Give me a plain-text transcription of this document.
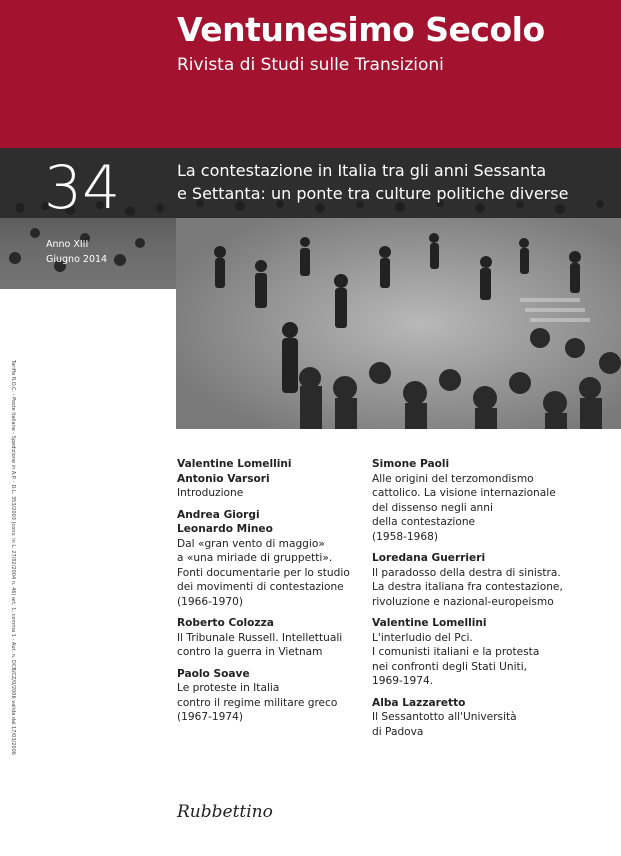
Ventunesimo Secolo
Rivista di Studi sulle Transizioni
34
Anno XIII
Giugno 2014
La contestazione in Italia tra gli anni Sessanta
e Settanta: un ponte tra culture politiche diverse
Valentine Lomellini
Antonio Varsori
Introduzione
Andrea Giorgi
Leonardo Mineo
Dal «gran vento di maggio»
a «una miriade di gruppetti».
Fonti documentarie per lo studio
dei movimenti di contestazione
(1966-1970)
Roberto Colozza
Il Tribunale Russell. Intellettuali
contro la guerra in Vietnam
Paolo Soave
Le proteste in Italia
contro il regime militare greco
(1967-1974)
Simone Paoli
Alle origini del terzomondismo
cattolico. La visione internazionale
del dissenso negli anni
della contestazione
(1958-1968)
Loredana Guerrieri
Il paradosso della destra di sinistra.
La destra italiana fra contestazione,
rivoluzione e nazional-europeismo
Valentine Lomellini
L'interludio del Pci.
I comunisti italiani e la protesta
nei confronti degli Stati Uniti,
1969-1974.
Alba Lazzaretto
Il Sessantotto all'Università
di Padova
Rubbettino
Tariffa R.O.C. - Poste Italiane - Spedizione in A.P. - D.L. 353/2003 (conv. in L. 27/02/2004 n. 46) art. 1, comma 1 - Aut. n. DCB/CZ/0/2006 valida dal 17/03/2006
